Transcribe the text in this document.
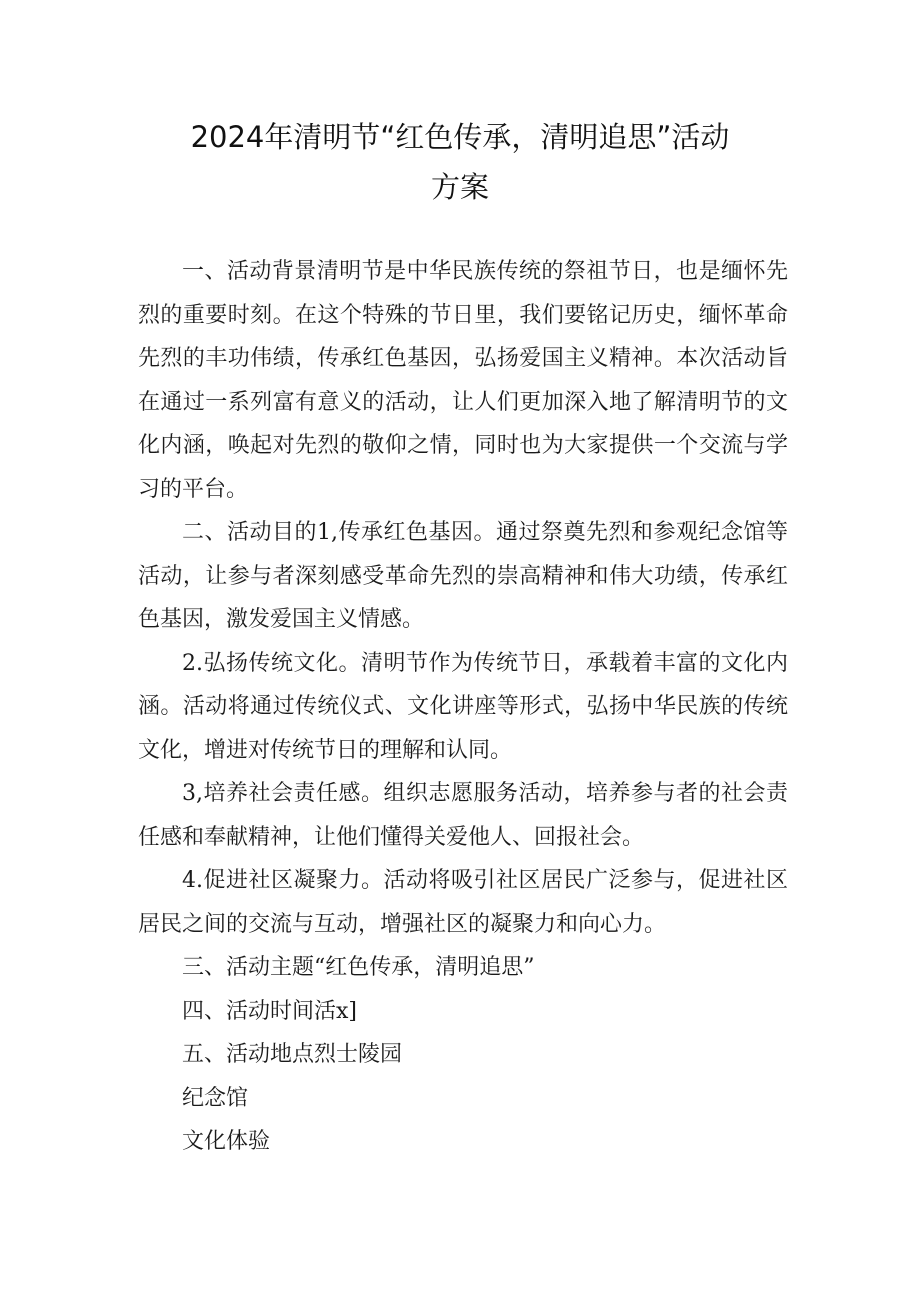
2024年清明节“红色传承，清明追思”活动
方案

一、活动背景清明节是中华民族传统的祭祖节日，也是缅怀先烈的重要时刻。在这个特殊的节日里，我们要铭记历史，缅怀革命先烈的丰功伟绩，传承红色基因，弘扬爱国主义精神。本次活动旨在通过一系列富有意义的活动，让人们更加深入地了解清明节的文化内涵，唤起对先烈的敬仰之情，同时也为大家提供一个交流与学习的平台。

二、活动目的1,传承红色基因。通过祭奠先烈和参观纪念馆等活动，让参与者深刻感受革命先烈的崇高精神和伟大功绩，传承红色基因，激发爱国主义情感。

2.弘扬传统文化。清明节作为传统节日，承载着丰富的文化内涵。活动将通过传统仪式、文化讲座等形式，弘扬中华民族的传统文化，增进对传统节日的理解和认同。

3,培养社会责任感。组织志愿服务活动，培养参与者的社会责任感和奉献精神，让他们懂得关爱他人、回报社会。

4.促进社区凝聚力。活动将吸引社区居民广泛参与，促进社区居民之间的交流与互动，增强社区的凝聚力和向心力。

三、活动主题“红色传承，清明追思”

四、活动时间活x]

五、活动地点烈士陵园

纪念馆

文化体验
